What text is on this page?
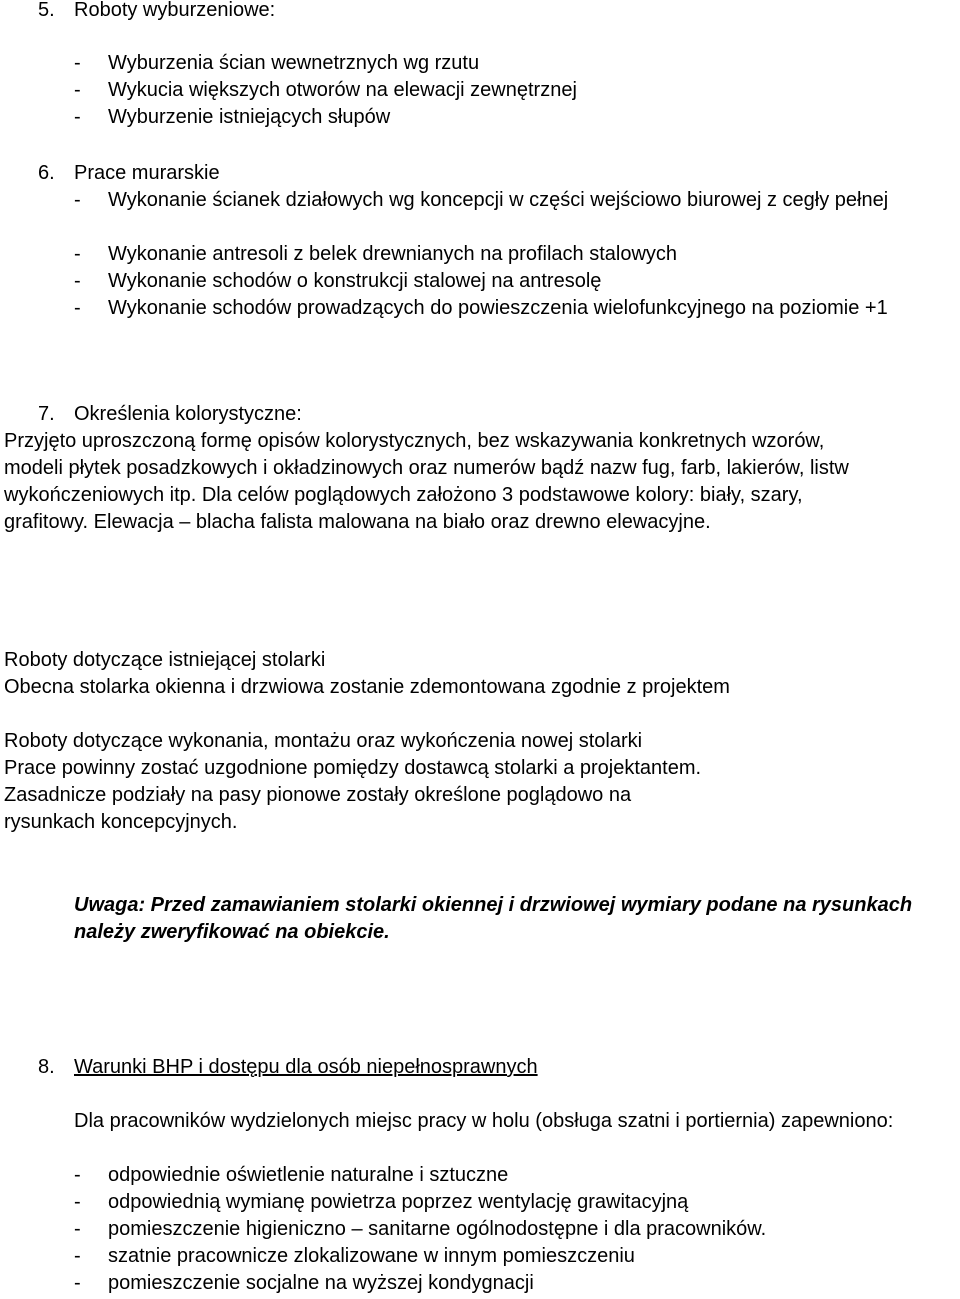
5. Roboty wyburzeniowe:
-	Wyburzenia ścian wewnetrznych wg rzutu
-	Wykucia większych otworów na elewacji zewnętrznej
-	Wyburzenie istniejących słupów
6. Prace murarskie
-	Wykonanie ścianek działowych wg koncepcji w części wejściowo biurowej z cegły pełnej
-	Wykonanie antresoli z belek drewnianych na profilach stalowych
-	Wykonanie schodów o konstrukcji stalowej na antresolę
-	Wykonanie schodów prowadzących do powieszczenia wielofunkcyjnego na poziomie +1
7. Określenia kolorystyczne:
Przyjęto uproszczoną formę opisów kolorystycznych, bez wskazywania konkretnych wzorów, modeli płytek posadzkowych i okładzinowych oraz numerów bądź nazw fug, farb, lakierów, listw wykończeniowych itp. Dla celów poglądowych założono 3 podstawowe kolory: biały, szary, grafitowy. Elewacja – blacha falista malowana na biało oraz drewno elewacyjne.
Roboty dotyczące istniejącej stolarki
Obecna stolarka okienna i drzwiowa zostanie zdemontowana zgodnie z projektem
Roboty dotyczące wykonania, montażu oraz wykończenia nowej stolarki
Prace powinny zostać uzgodnione pomiędzy dostawcą stolarki a projektantem. Zasadnicze podziały na pasy pionowe zostały określone poglądowo na rysunkach koncepcyjnych.
Uwaga: Przed zamawianiem stolarki okiennej i drzwiowej wymiary podane na rysunkach należy zweryfikować na obiekcie.
8. Warunki BHP i dostępu dla osób niepełnosprawnych
Dla pracowników wydzielonych miejsc pracy w holu (obsługa szatni i portiernia) zapewniono:
-	odpowiednie oświetlenie naturalne i sztuczne
-	odpowiednią wymianę powietrza poprzez wentylację grawitacyjną
-	pomieszczenie higieniczno – sanitarne ogólnodostępne i dla pracowników.
-	szatnie pracownicze zlokalizowane w innym pomieszczeniu
-	pomieszczenie socjalne na wyższej kondygnacji
